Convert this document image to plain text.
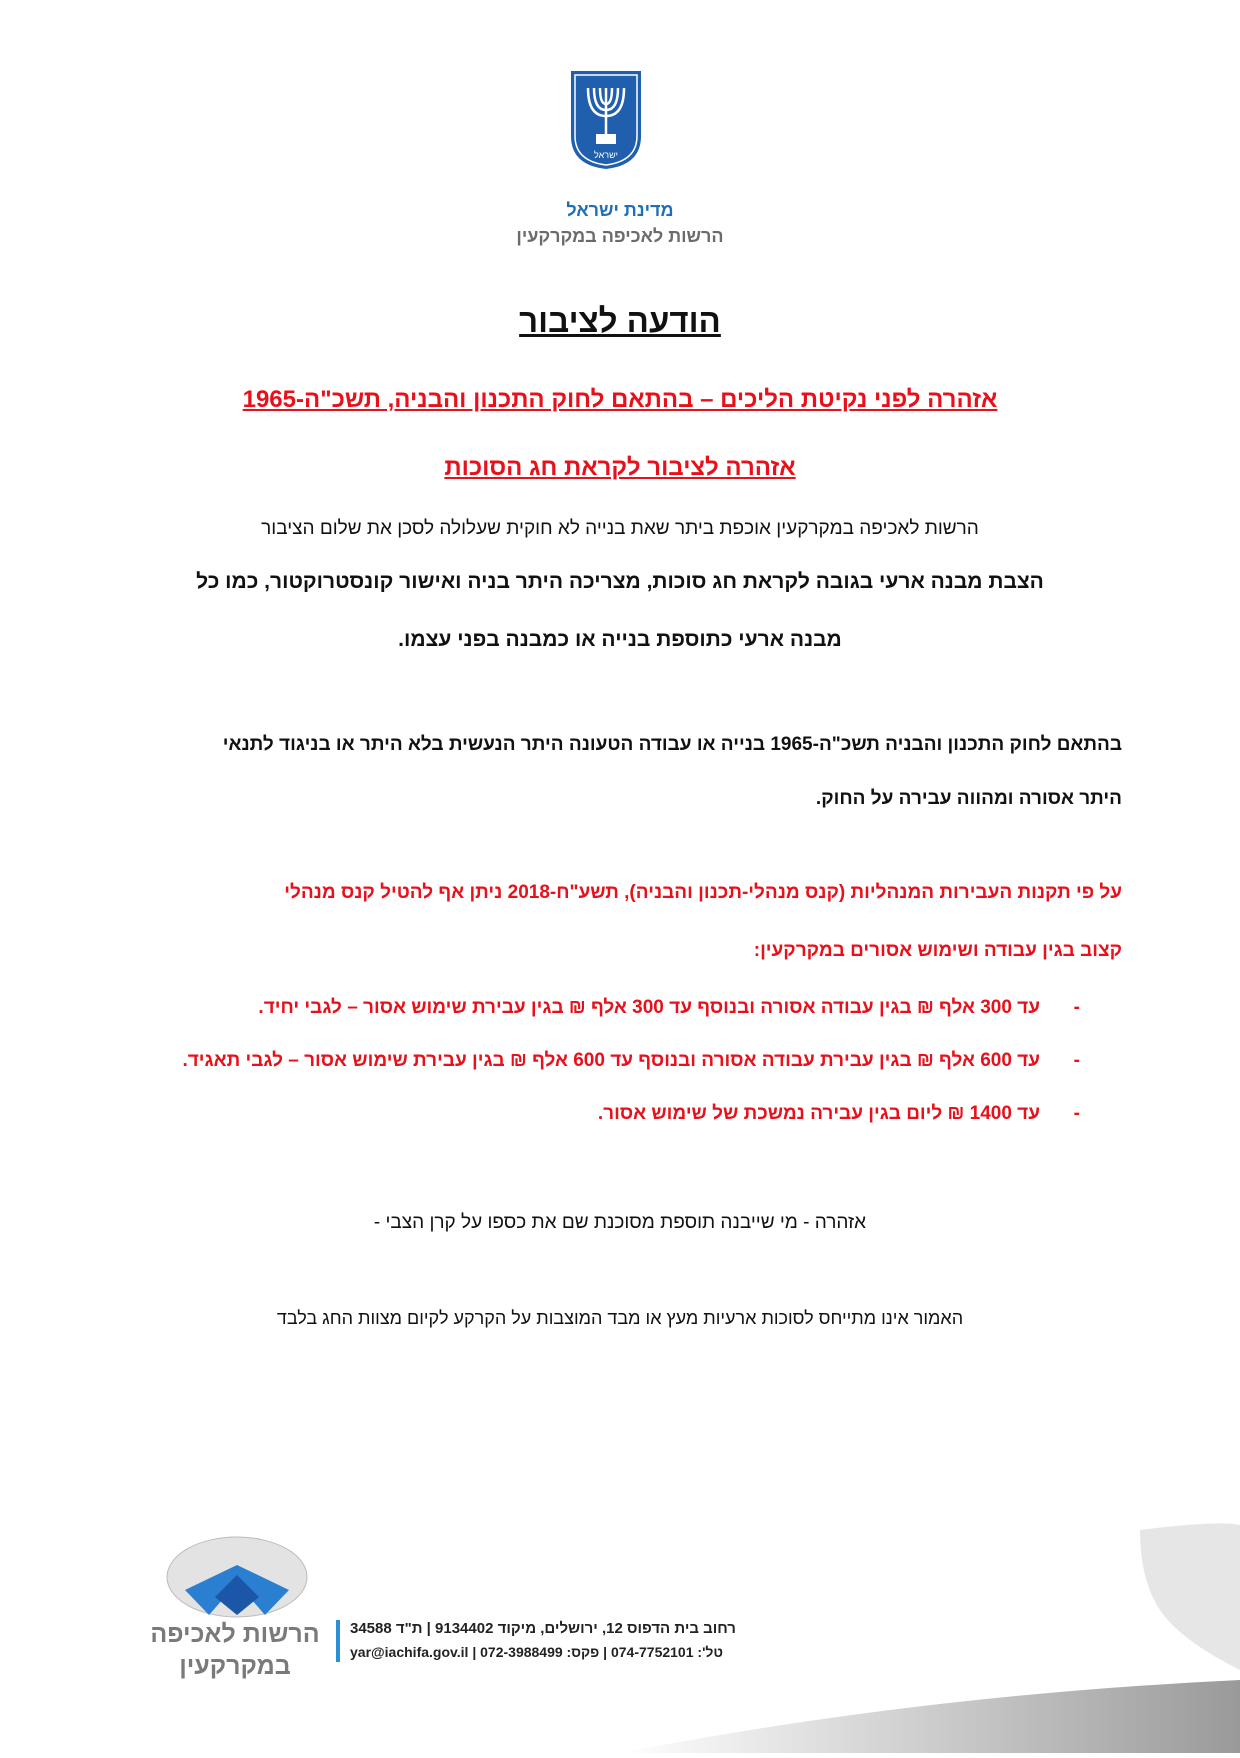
ישראל
מדינת ישראל
הרשות לאכיפה במקרקעין
הודעה לציבור
אזהרה לפני נקיטת הליכים – בהתאם לחוק התכנון והבניה, תשכ"ה-1965
אזהרה לציבור לקראת חג הסוכות
הרשות לאכיפה במקרקעין אוכפת ביתר שאת בנייה לא חוקית שעלולה לסכן את שלום הציבור
הצבת מבנה ארעי בגובה לקראת חג סוכות, מצריכה היתר בניה ואישור קונסטרוקטור, כמו כל
מבנה ארעי כתוספת בנייה או כמבנה בפני עצמו.
בהתאם לחוק התכנון והבניה תשכ"ה-1965 בנייה או עבודה הטעונה היתר הנעשית בלא היתר או בניגוד לתנאי
היתר אסורה ומהווה עבירה על החוק.
על פי תקנות העבירות המנהליות (קנס מנהלי-תכנון והבניה), תשע"ח-2018 ניתן אף להטיל קנס מנהלי
קצוב בגין עבודה ושימוש אסורים במקרקעין:
-עד 300 אלף ₪ בגין עבודה אסורה ובנוסף עד 300 אלף ₪ בגין עבירת שימוש אסור – לגבי יחיד.
-עד 600 אלף ₪ בגין עבירת עבודה אסורה ובנוסף עד 600 אלף ₪ בגין עבירת שימוש אסור – לגבי תאגיד.
-עד 1400 ₪ ליום בגין עבירה נמשכת של שימוש אסור.
אזהרה - מי שייבנה תוספת מסוכנת שם את כספו על קרן הצבי -
האמור אינו מתייחס לסוכות ארעיות מעץ או מבד המוצבות על הקרקע לקיום מצוות החג בלבד
הרשות לאכיפה
במקרקעין
רחוב בית הדפוס 12, ירושלים, מיקוד 9134402 | ת"ד 34588
yar@iachifa.gov.il | טל': 074-7752101 | פקס: 072-3988499
